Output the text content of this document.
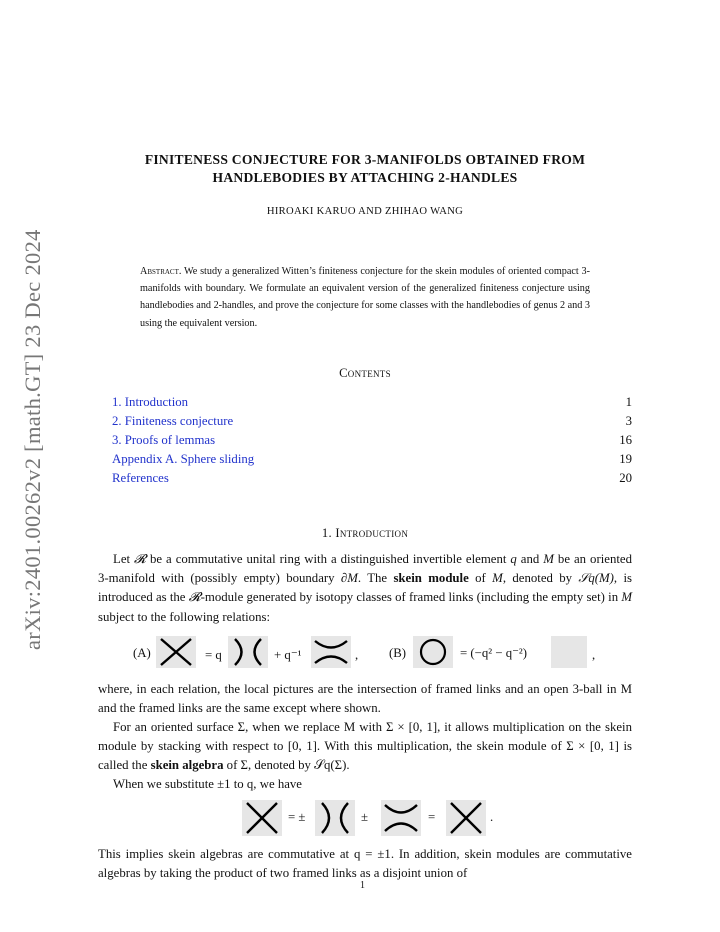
arXiv:2401.00262v2 [math.GT] 23 Dec 2024
FINITENESS CONJECTURE FOR 3-MANIFOLDS OBTAINED FROM
HANDLEBODIES BY ATTACHING 2-HANDLES
HIROAKI KARUO AND ZHIHAO WANG
Abstract. We study a generalized Witten’s finiteness conjecture for the skein modules of oriented compact 3-manifolds with boundary. We formulate an equivalent version of the generalized finiteness conjecture using handlebodies and 2-handles, and prove the conjecture for some classes with the handlebodies of genus 2 and 3 using the equivalent version.
Contents
1. Introduction	1
2. Finiteness conjecture	3
3. Proofs of lemmas	16
Appendix A. Sphere sliding	19
References	20
1. Introduction
Let 𝓡 be a commutative unital ring with a distinguished invertible element q and M be an oriented 3-manifold with (possibly empty) boundary ∂M. The skein module of M, denoted by 𝒮q(M), is introduced as the 𝓡-module generated by isotopy classes of framed links (including the empty set) in M subject to the following relations:
(A)	= q	+ q⁻¹	, (B)	= (−q² − q⁻²)	,
where, in each relation, the local pictures are the intersection of framed links and an open 3-ball in M and the framed links are the same except where shown.
For an oriented surface Σ, when we replace M with Σ × [0, 1], it allows multiplication on the skein module by stacking with respect to [0, 1]. With this multiplication, the skein module of Σ × [0, 1] is called the skein algebra of Σ, denoted by 𝒮q(Σ).
When we substitute ±1 to q, we have
= ±	±	=	.
This implies skein algebras are commutative at q = ±1. In addition, skein modules are commutative algebras by taking the product of two framed links as a disjoint union of
1
